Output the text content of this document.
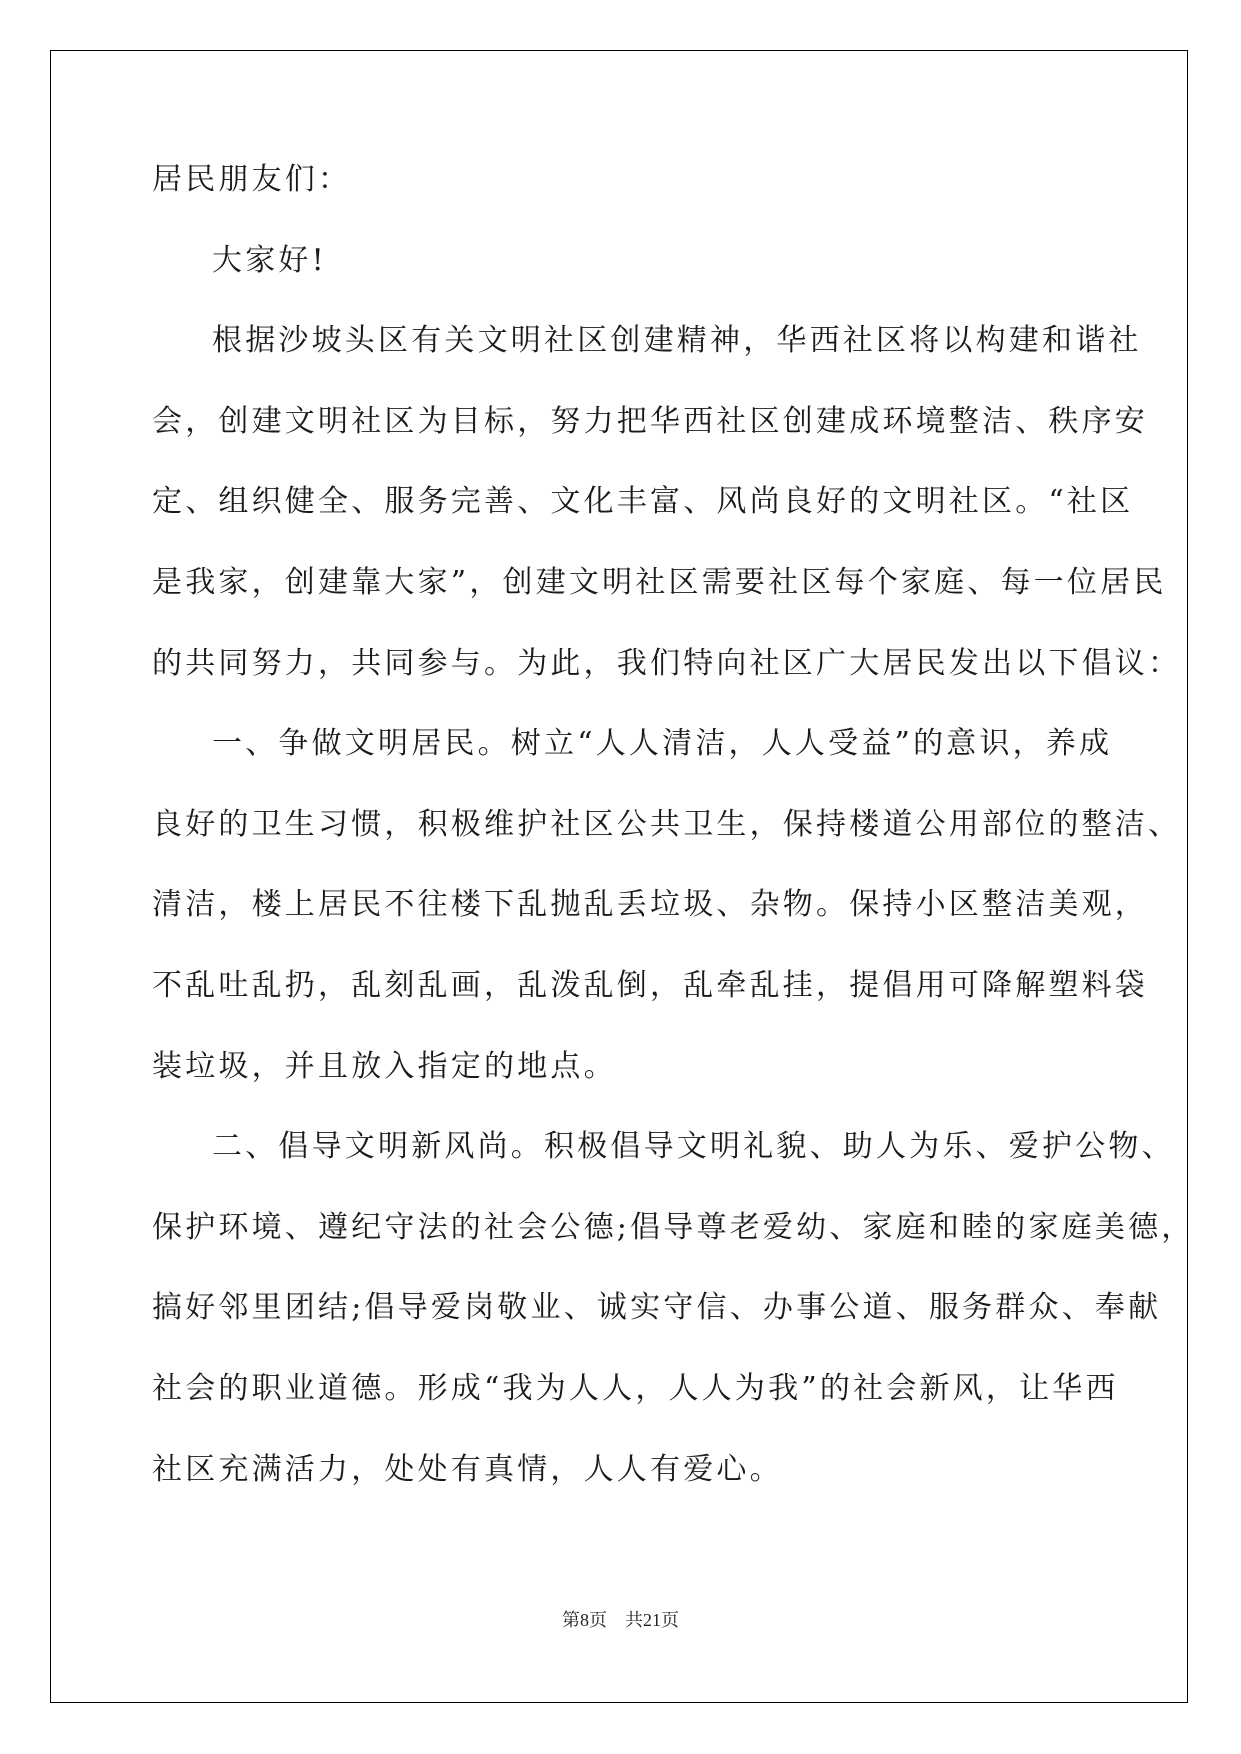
居民朋友们：
大家好!
根据沙坡头区有关文明社区创建精神，华西社区将以构建和谐社
会，创建文明社区为目标，努力把华西社区创建成环境整洁、秩序安
定、组织健全、服务完善、文化丰富、风尚良好的文明社区。“社区
是我家，创建靠大家”，创建文明社区需要社区每个家庭、每一位居民
的共同努力，共同参与。为此，我们特向社区广大居民发出以下倡议：
一、争做文明居民。树立“人人清洁，人人受益”的意识，养成
良好的卫生习惯，积极维护社区公共卫生，保持楼道公用部位的整洁、
清洁，楼上居民不往楼下乱抛乱丢垃圾、杂物。保持小区整洁美观，
不乱吐乱扔，乱刻乱画，乱泼乱倒，乱牵乱挂，提倡用可降解塑料袋
装垃圾，并且放入指定的地点。
二、倡导文明新风尚。积极倡导文明礼貌、助人为乐、爱护公物、
保护环境、遵纪守法的社会公德;倡导尊老爱幼、家庭和睦的家庭美德，
搞好邻里团结;倡导爱岗敬业、诚实守信、办事公道、服务群众、奉献
社会的职业道德。形成“我为人人，人人为我”的社会新风，让华西
社区充满活力，处处有真情，人人有爱心。
第8页　共21页
